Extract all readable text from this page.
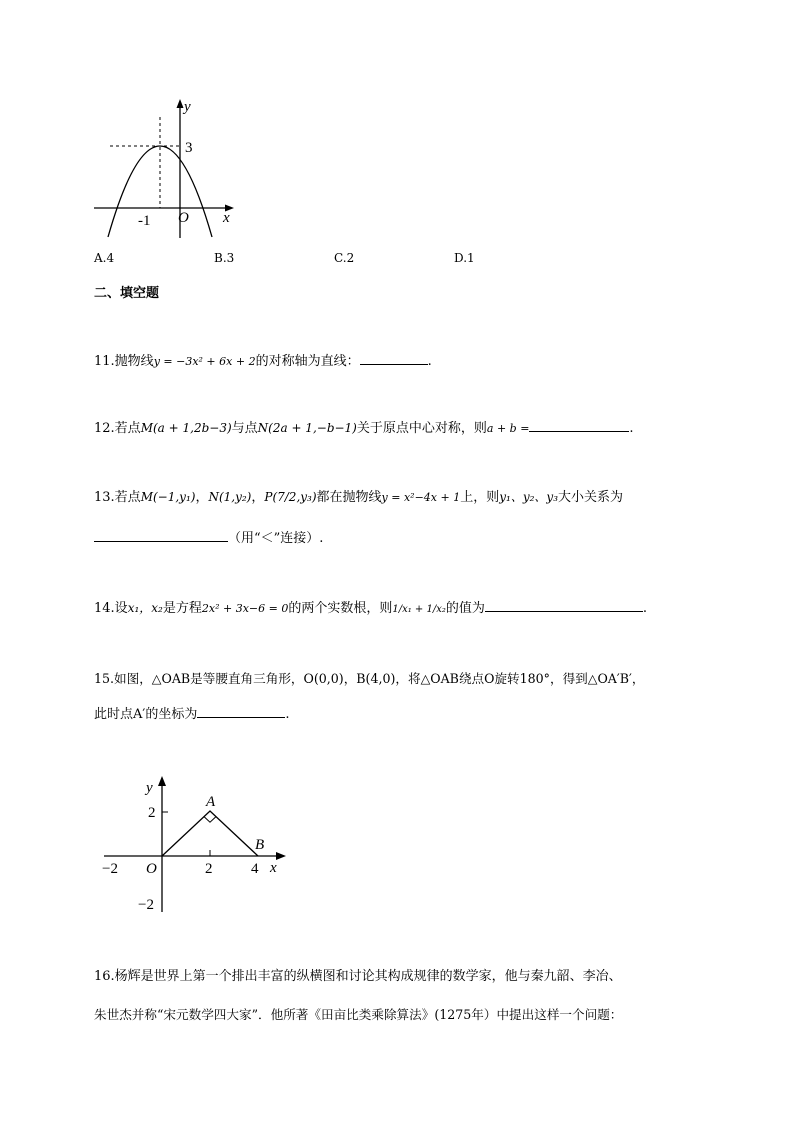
y
x
O
3
-1
A.4	B.3	C.2	D.1
二、填空题
11.抛物线y = −3x² + 6x + 2的对称轴为直线：	.
12.若点M(a + 1,2b−3)与点N(2a + 1,−b−1)关于原点中心对称，则a + b =	.
13.若点M(−1,y₁)，N(1,y₂)，P(7/2,y₃)都在抛物线y = x²−4x + 1上，则y₁、y₂、y₃大小关系为
（用“＜”连接）.
14.设x₁，x₂是方程2x² + 3x−6 = 0的两个实数根，则1/x₁ + 1/x₂的值为	.
15.如图，△OAB是等腰直角三角形，O(0,0)，B(4,0)，将△OAB绕点O旋转180°，得到△OA′B′，
此时点A′的坐标为	.
y
x
O
A
B
−2	2	4
2
−2
16.杨辉是世界上第一个排出丰富的纵横图和讨论其构成规律的数学家，他与秦九韶、李冶、
朱世杰并称“宋元数学四大家”．他所著《田亩比类乘除算法》(1275年）中提出这样一个问题：
